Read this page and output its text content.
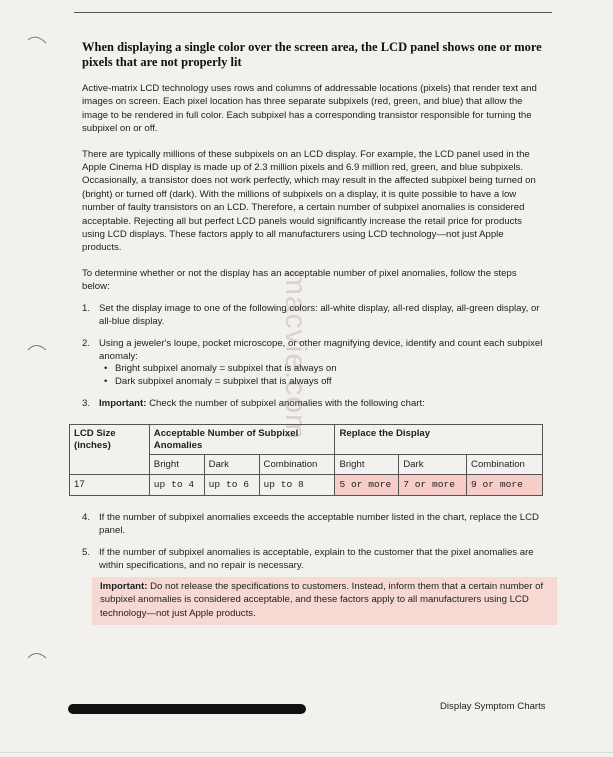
macvie.com
When displaying a single color over the screen area, the LCD panel shows one or more pixels that are not properly lit

Active-matrix LCD technology uses rows and columns of addressable locations (pixels) that render text and images on screen. Each pixel location has three separate subpixels (red, green, and blue) that allow the image to be rendered in full color. Each subpixel has a corresponding transistor responsible for turning the subpixel on or off.

There are typically millions of these subpixels on an LCD display. For example, the LCD panel used in the Apple Cinema HD display is made up of 2.3 million pixels and 6.9 million red, green, and blue subpixels. Occasionally, a transistor does not work perfectly, which may result in the affected subpixel being turned on (bright) or turned off (dark). With the millions of subpixels on a display, it is quite possible to have a low number of faulty transistors on an LCD. Therefore, a certain number of subpixel anomalies is considered acceptable. Rejecting all but perfect LCD panels would significantly increase the retail price for products using LCD displays. These factors apply to all manufacturers using LCD technology—not just Apple products.

To determine whether or not the display has an acceptable number of pixel anomalies, follow the steps below:

1. Set the display image to one of the following colors: all-white display, all-red display, all-green display, or all-blue display.
2. Using a jeweler's loupe, pocket microscope, or other magnifying device, identify and count each subpixel anomaly:
• Bright subpixel anomaly = subpixel that is always on
• Dark subpixel anomaly = subpixel that is always off
3. Important: Check the number of subpixel anomalies with the following chart:
LCD Size (inches)	Acceptable Number of Subpixel Anomalies			Replace the Display		
	Bright	Dark	Combination	Bright	Dark	Combination
17	up to 4	up to 6	up to 8	5 or more	7 or more	9 or more
4. If the number of subpixel anomalies exceeds the acceptable number listed in the chart, replace the LCD panel.
5. If the number of subpixel anomalies is acceptable, explain to the customer that the pixel anomalies are within specifications, and no repair is necessary.
Important: Do not release the specifications to customers. Instead, inform them that a certain number of subpixel anomalies is considered acceptable, and these factors apply to all manufacturers using LCD technology—not just Apple products.
Display Symptom Charts
